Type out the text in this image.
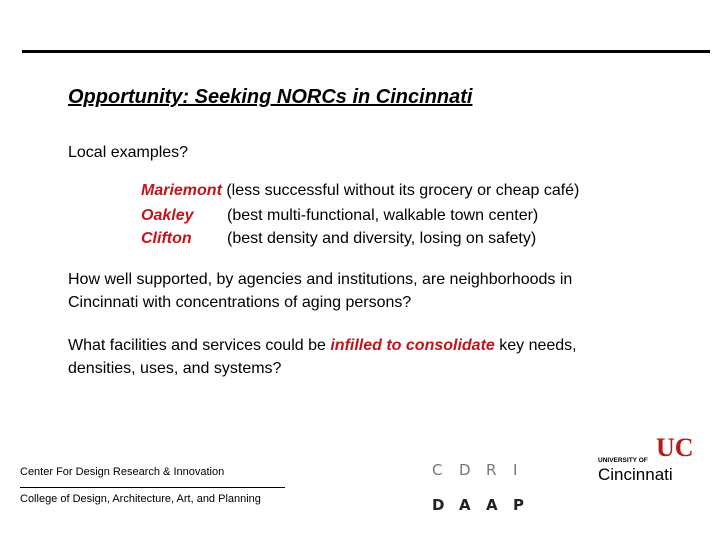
Opportunity: Seeking NORCs in Cincinnati
Local examples?
Mariemont (less successful without its grocery or cheap café)
Oakley (best multi-functional, walkable town center)
Clifton (best density and diversity, losing on safety)
How well supported, by agencies and institutions, are neighborhoods in
Cincinnati with concentrations of aging persons?
What facilities and services could be infilled to consolidate key needs,
densities, uses, and systems?
Center For Design Research & Innovation
College of Design, Architecture, Art, and Planning
C D R I
D A A P
UC
UNIVERSITY OF
Cincinnati
